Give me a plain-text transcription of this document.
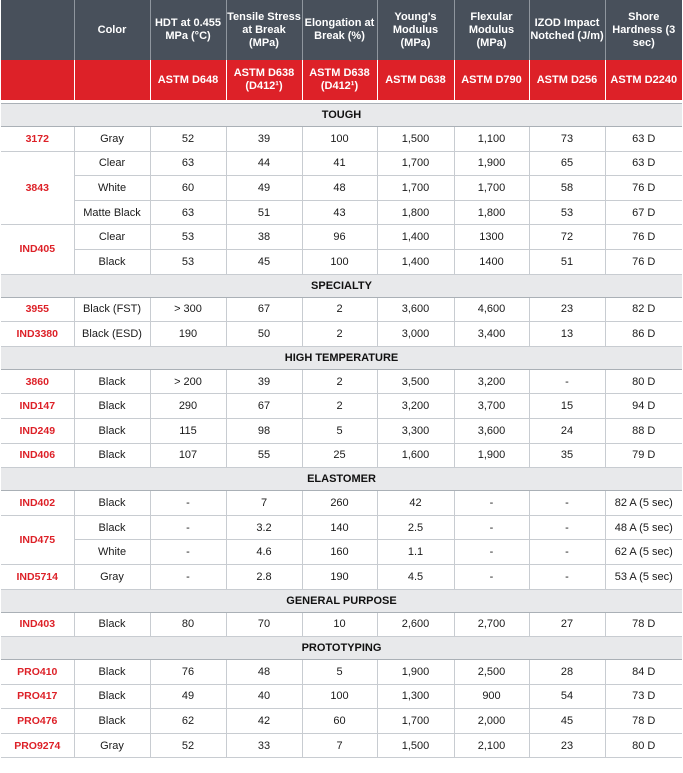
	Color	HDT at 0.455 MPa (°C)	Tensile Stress at Break (MPa)	Elongation at Break (%)	Young's Modulus (MPa)	Flexular Modulus (MPa)	IZOD Impact Notched (J/m)	Shore Hardness (3 sec)
		ASTM D648	ASTM D638 (D412¹)	ASTM D638 (D412¹)	ASTM D638	ASTM D790	ASTM D256	ASTM D2240

TOUGH								
3172	Gray	52	39	100	1,500	1,100	73	63 D
3843	Clear	63	44	41	1,700	1,900	65	63 D
	White	60	49	48	1,700	1,700	58	76 D
	Matte Black	63	51	43	1,800	1,800	53	67 D
IND405	Clear	53	38	96	1,400	1300	72	76 D
	Black	53	45	100	1,400	1400	51	76 D
SPECIALTY								
3955	Black (FST)	> 300	67	2	3,600	4,600	23	82 D
IND3380	Black (ESD)	190	50	2	3,000	3,400	13	86 D
HIGH TEMPERATURE								
3860	Black	> 200	39	2	3,500	3,200	-	80 D
IND147	Black	290	67	2	3,200	3,700	15	94 D
IND249	Black	115	98	5	3,300	3,600	24	88 D
IND406	Black	107	55	25	1,600	1,900	35	79 D
ELASTOMER								
IND402	Black	-	7	260	42	-	-	82 A (5 sec)
IND475	Black	-	3.2	140	2.5	-	-	48 A (5 sec)
	White	-	4.6	160	1.1	-	-	62 A (5 sec)
IND5714	Gray	-	2.8	190	4.5	-	-	53 A (5 sec)
GENERAL PURPOSE								
IND403	Black	80	70	10	2,600	2,700	27	78 D
PROTOTYPING								
PRO410	Black	76	48	5	1,900	2,500	28	84 D
PRO417	Black	49	40	100	1,300	900	54	73 D
PRO476	Black	62	42	60	1,700	2,000	45	78 D
PRO9274	Gray	52	33	7	1,500	2,100	23	80 D
